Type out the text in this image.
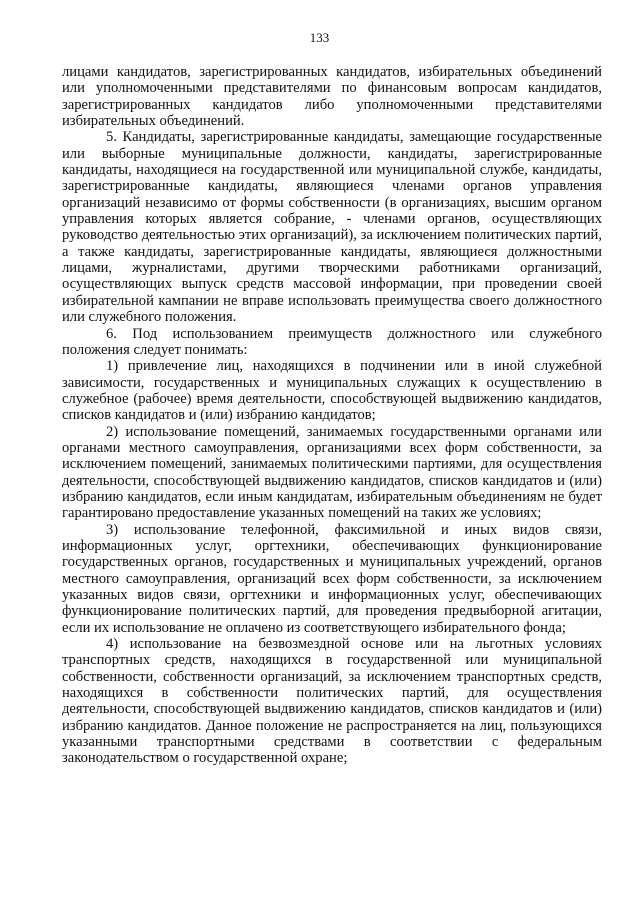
133

лицами кандидатов, зарегистрированных кандидатов, избирательных объединений или уполномоченными представителями по финансовым вопросам кандидатов, зарегистрированных кандидатов либо уполномоченными представителями избирательных объединений.

5. Кандидаты, зарегистрированные кандидаты, замещающие государственные или выборные муниципальные должности, кандидаты, зарегистрированные кандидаты, находящиеся на государственной или муниципальной службе, кандидаты, зарегистрированные кандидаты, являющиеся членами органов управления организаций независимо от формы собственности (в организациях, высшим органом управления которых является собрание, - членами органов, осуществляющих руководство деятельностью этих организаций), за исключением политических партий, а также кандидаты, зарегистрированные кандидаты, являющиеся должностными лицами, журналистами, другими творческими работниками организаций, осуществляющих выпуск средств массовой информации, при проведении своей избирательной кампании не вправе использовать преимущества своего должностного или служебного положения.

6. Под использованием преимуществ должностного или служебного положения следует понимать:

1) привлечение лиц, находящихся в подчинении или в иной служебной зависимости, государственных и муниципальных служащих к осуществлению в служебное (рабочее) время деятельности, способствующей выдвижению кандидатов, списков кандидатов и (или) избранию кандидатов;

2) использование помещений, занимаемых государственными органами или органами местного самоуправления, организациями всех форм собственности, за исключением помещений, занимаемых политическими партиями, для осуществления деятельности, способствующей выдвижению кандидатов, списков кандидатов и (или) избранию кандидатов, если иным кандидатам, избирательным объединениям не будет гарантировано предоставление указанных помещений на таких же условиях;

3) использование телефонной, факсимильной и иных видов связи, информационных услуг, оргтехники, обеспечивающих функционирование государственных органов, государственных и муниципальных учреждений, органов местного самоуправления, организаций всех форм собственности, за исключением указанных видов связи, оргтехники и информационных услуг, обеспечивающих функционирование политических партий, для проведения предвыборной агитации, если их использование не оплачено из соответствующего избирательного фонда;

4) использование на безвозмездной основе или на льготных условиях транспортных средств, находящихся в государственной или муниципальной собственности, собственности организаций, за исключением транспортных средств, находящихся в собственности политических партий, для осуществления деятельности, способствующей выдвижению кандидатов, списков кандидатов и (или) избранию кандидатов. Данное положение не распространяется на лиц, пользующихся указанными транспортными средствами в соответствии с федеральным законодательством о государственной охране;
